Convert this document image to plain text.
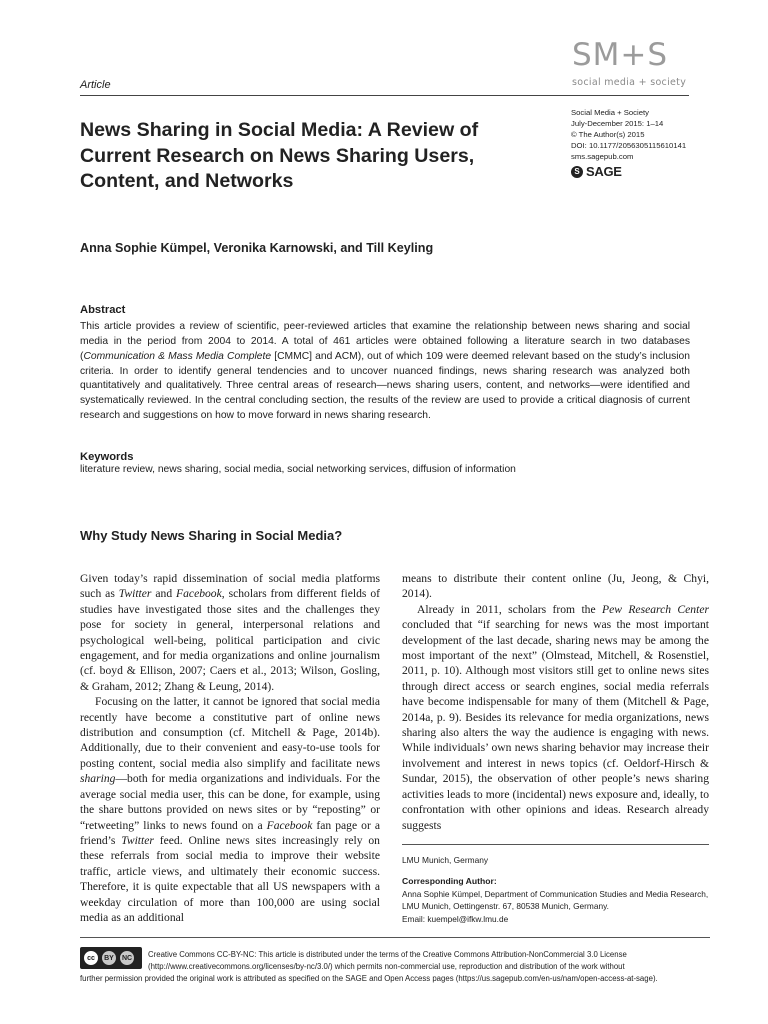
SM+S
social media + society
Article
Social Media + Society
July-December 2015: 1–14
© The Author(s) 2015
DOI: 10.1177/2056305115610141
sms.sagepub.com
S SAGE
News Sharing in Social Media: A Review of Current Research on News Sharing Users, Content, and Networks
Anna Sophie Kümpel, Veronika Karnowski, and Till Keyling
Abstract
This article provides a review of scientific, peer-reviewed articles that examine the relationship between news sharing and social media in the period from 2004 to 2014. A total of 461 articles were obtained following a literature search in two databases (Communication & Mass Media Complete [CMMC] and ACM), out of which 109 were deemed relevant based on the study’s inclusion criteria. In order to identify general tendencies and to uncover nuanced findings, news sharing research was analyzed both quantitatively and qualitatively. Three central areas of research—news sharing users, content, and networks—were identified and systematically reviewed. In the central concluding section, the results of the review are used to provide a critical diagnosis of current research and suggestions on how to move forward in news sharing research.
Keywords
literature review, news sharing, social media, social networking services, diffusion of information
Why Study News Sharing in Social Media?

Given today’s rapid dissemination of social media platforms such as Twitter and Facebook, scholars from different fields of studies have investigated those sites and the challenges they pose for society in general, interpersonal relations and psychological well-being, political participation and civic engagement, and for media organizations and online journalism (cf. boyd & Ellison, 2007; Caers et al., 2013; Wilson, Gosling, & Graham, 2012; Zhang & Leung, 2014).

Focusing on the latter, it cannot be ignored that social media recently have become a constitutive part of online news distribution and consumption (cf. Mitchell & Page, 2014b). Additionally, due to their convenient and easy-to-use tools for posting content, social media also simplify and facilitate news sharing—both for media organizations and individuals. For the average social media user, this can be done, for example, using the share buttons provided on news sites or by “reposting” or “retweeting” links to news found on a Facebook fan page or a friend’s Twitter feed. Online news sites increasingly rely on these referrals from social media to improve their website traffic, article views, and ultimately their economic success. Therefore, it is quite expectable that all US newspapers with a weekday circulation of more than 100,000 are using social media as an additional

means to distribute their content online (Ju, Jeong, & Chyi, 2014).

Already in 2011, scholars from the Pew Research Center concluded that “if searching for news was the most important development of the last decade, sharing news may be among the most important of the next” (Olmstead, Mitchell, & Rosenstiel, 2011, p. 10). Although most visitors still get to online news sites through direct access or search engines, social media referrals have become indispensable for many of them (Mitchell & Page, 2014a, p. 9). Besides its relevance for media organizations, news sharing also alters the way the audience is engaging with news. While individuals’ own news sharing behavior may increase their involvement and interest in news topics (cf. Oeldorf-Hirsch & Sundar, 2015), the observation of other people’s news sharing activities leads to more (incidental) news exposure and, ideally, to confrontation with other opinions and ideas. Research already suggests

LMU Munich, Germany
Corresponding Author:
Anna Sophie Kümpel, Department of Communication Studies and Media Research, LMU Munich, Oettingenstr. 67, 80538 Munich, Germany.
Email: kuempel@ifkw.lmu.de
cc	BY	NC	Creative Commons CC-BY-NC: This article is distributed under the terms of the Creative Commons Attribution-NonCommercial 3.0 License
(http://www.creativecommons.org/licenses/by-nc/3.0/) which permits non-commercial use, reproduction and distribution of the work without
further permission provided the original work is attributed as specified on the SAGE and Open Access pages (https://us.sagepub.com/en-us/nam/open-access-at-sage).
